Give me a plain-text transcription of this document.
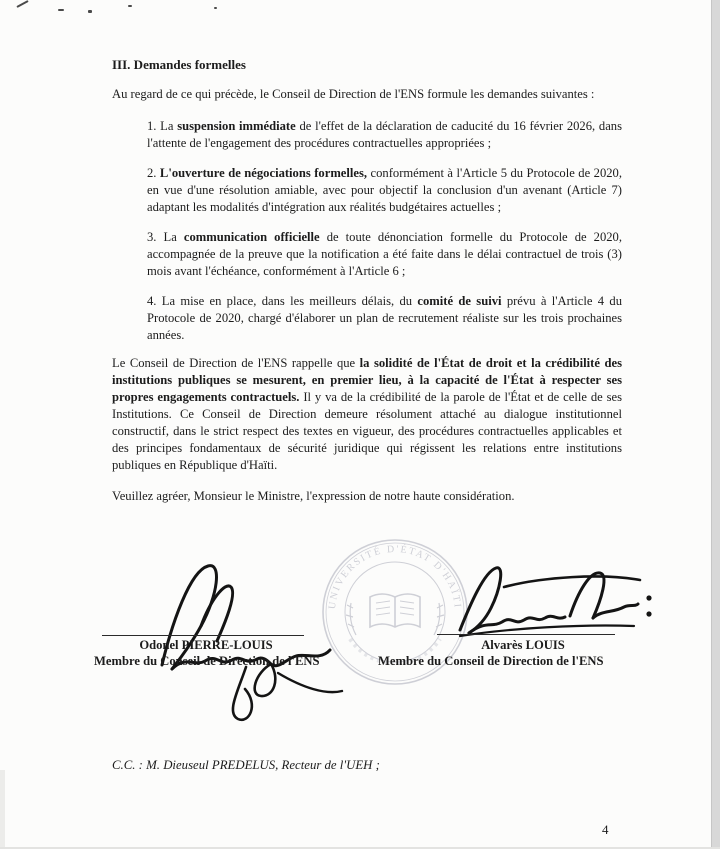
III. Demandes formelles

Au regard de ce qui précède, le Conseil de Direction de l'ENS formule les demandes suivantes :

1. La suspension immédiate de l'effet de la déclaration de caducité du 16 février 2026, dans l'attente de l'engagement des procédures contractuelles appropriées ;

2. L'ouverture de négociations formelles, conformément à l'Article 5 du Protocole de 2020, en vue d'une résolution amiable, avec pour objectif la conclusion d'un avenant (Article 7) adaptant les modalités d'intégration aux réalités budgétaires actuelles ;

3. La communication officielle de toute dénonciation formelle du Protocole de 2020, accompagnée de la preuve que la notification a été faite dans le délai contractuel de trois (3) mois avant l'échéance, conformément à l'Article 6 ;

4. La mise en place, dans les meilleurs délais, du comité de suivi prévu à l'Article 4 du Protocole de 2020, chargé d'élaborer un plan de recrutement réaliste sur les trois prochaines années.

Le Conseil de Direction de l'ENS rappelle que la solidité de l'État de droit et la crédibilité des institutions publiques se mesurent, en premier lieu, à la capacité de l'État à respecter ses propres engagements contractuels. Il y va de la crédibilité de la parole de l'État et de celle de ses Institutions. Ce Conseil de Direction demeure résolument attaché au dialogue institutionnel constructif, dans le strict respect des textes en vigueur, des procédures contractuelles applicables et des principes fondamentaux de sécurité juridique qui régissent les relations entre institutions publiques en République d'Haïti.

Veuillez agréer, Monsieur le Ministre, l'expression de notre haute considération.

UNIVERSITÉ D'ÉTAT D'HAÏTI
Odonel PIERRE-LOUIS
Membre du Conseil de Direction de l'ENS
Alvarès LOUIS
Membre du Conseil de Direction de l'ENS
C.C. : M. Dieuseul PREDELUS, Recteur de l'UEH ;
4
